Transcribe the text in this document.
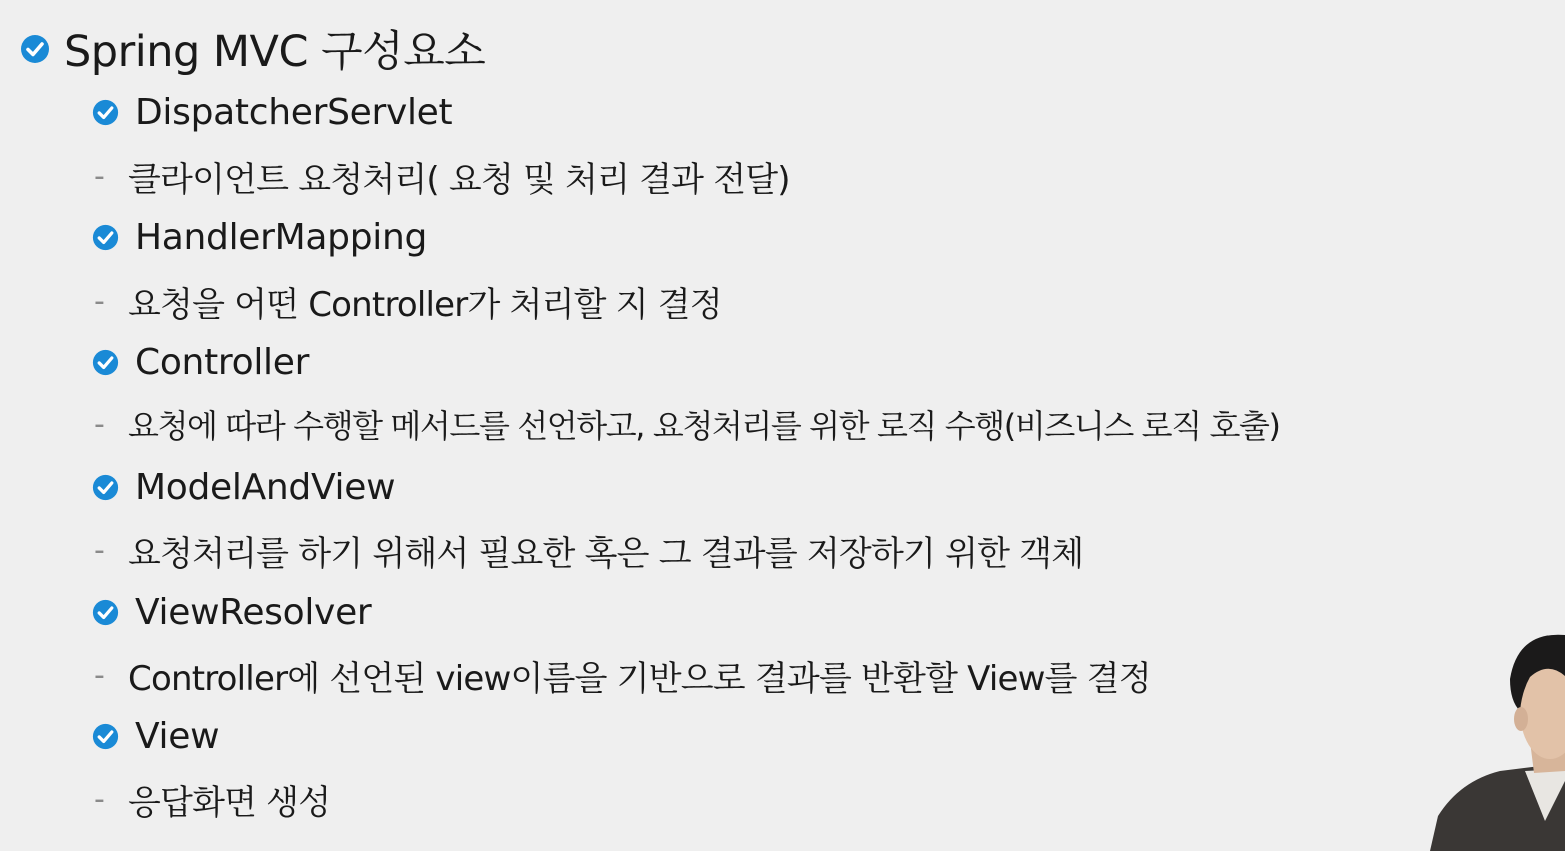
Spring MVC 구성요소
DispatcherServlet
- 클라이언트 요청처리( 요청 및 처리 결과 전달)
HandlerMapping
- 요청을 어떤 Controller가 처리할 지 결정
Controller
- 요청에 따라 수행할 메서드를 선언하고, 요청처리를 위한 로직 수행(비즈니스 로직 호출)
ModelAndView
- 요청처리를 하기 위해서 필요한 혹은 그 결과를 저장하기 위한 객체
ViewResolver
- Controller에 선언된 view이름을 기반으로 결과를 반환할 View를 결정
View
- 응답화면 생성
